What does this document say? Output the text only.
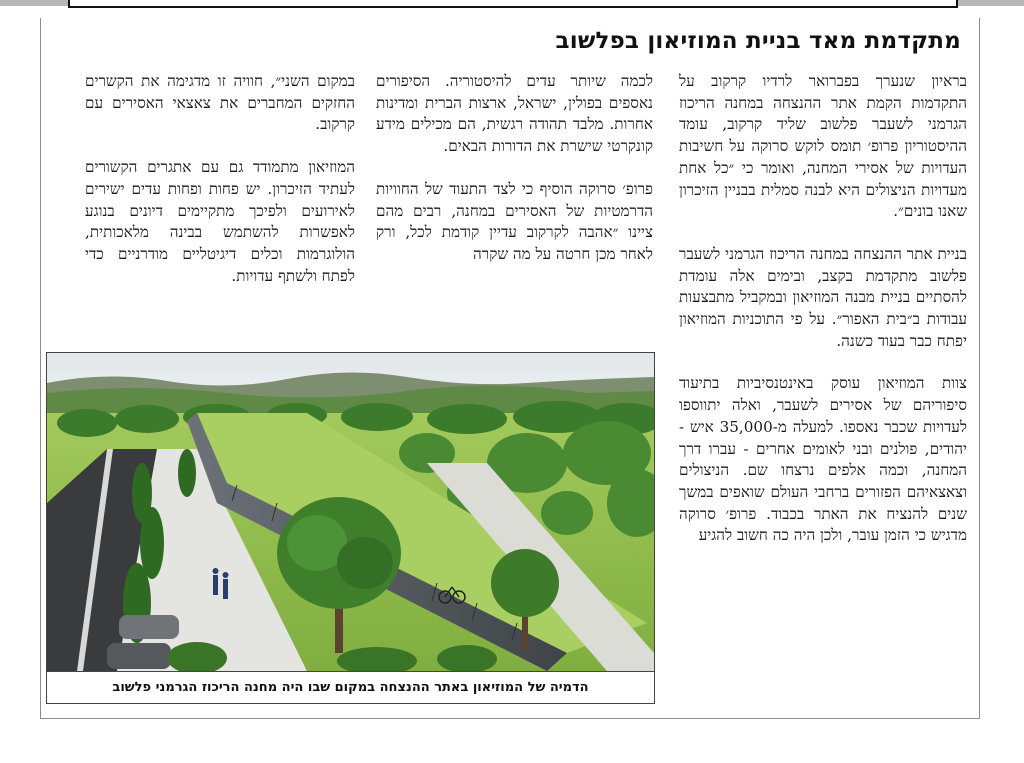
מתקדמת מאד בניית המוזיאון בפלשוב

בראיון שנערך בפברואר לרדיו קרקוב על התקדמות הקמת אתר ההנצחה במחנה הריכוז הגרמני לשעבר פלשוב שליד קרקוב, עומד ההיסטוריון פרופ׳ תומס לוקש סרוקה על חשיבות העדויות של אסירי המחנה, ואומר כי ״כל אחת מעדויות הניצולים היא לבנה סמלית בבניין הזיכרון שאנו בונים״.

בניית אתר ההנצחה במחנה הריכוז הגרמני לשעבר פלשוב מתקדמת בקצב, ובימים אלה עומדת להסתיים בניית מבנה המוזיאון ובמקביל מתבצעות עבודות ב״בית האפור״. על פי התוכניות המוזיאון יפתח כבר בעוד כשנה.

צוות המוזיאון עוסק באינטנסיביות בתיעוד סיפוריהם של אסירים לשעבר, ואלה יתווספו לעדויות שכבר נאספו. למעלה מ-35,000 איש - יהודים, פולנים ובני לאומים אחרים - עברו דרך המחנה, וכמה אלפים נרצחו שם. הניצולים וצאצאיהם הפזורים ברחבי העולם שואפים במשך שנים להנציח את האתר בכבוד. פרופ׳ סרוקה מדגיש כי הזמן עובר, ולכן היה כה חשוב להגיע

לכמה שיותר עדים להיסטוריה. הסיפורים נאספים בפולין, ישראל, ארצות הברית ומדינות אחרות. מלבד תהודה רגשית, הם מכילים מידע קונקרטי שישרת את הדורות הבאים.

פרופ׳ סרוקה הוסיף כי לצד התעוד של החוויות הדרמטיות של האסירים במחנה, רבים מהם ציינו ״אהבה לקרקוב עדיין קודמת לכל, ורק לאחר מכן חרטה על מה שקרה

במקום השני״, חוויה זו מדגימה את הקשרים החזקים המחברים את צאצאי האסירים עם קרקוב.

המוזיאון מתמודד גם עם אתגרים הקשורים לעתיד הזיכרון. יש פחות ופחות עדים ישירים לאירועים ולפיכך מתקיימים דיונים בנוגע לאפשרות להשתמש בבינה מלאכותית, הולוגרמות וכלים דיגיטליים מודרניים כדי לפתח ולשתף עדויות.

הדמיה של המוזיאון באתר ההנצחה במקום שבו היה מחנה הריכוז הגרמני פלשוב
